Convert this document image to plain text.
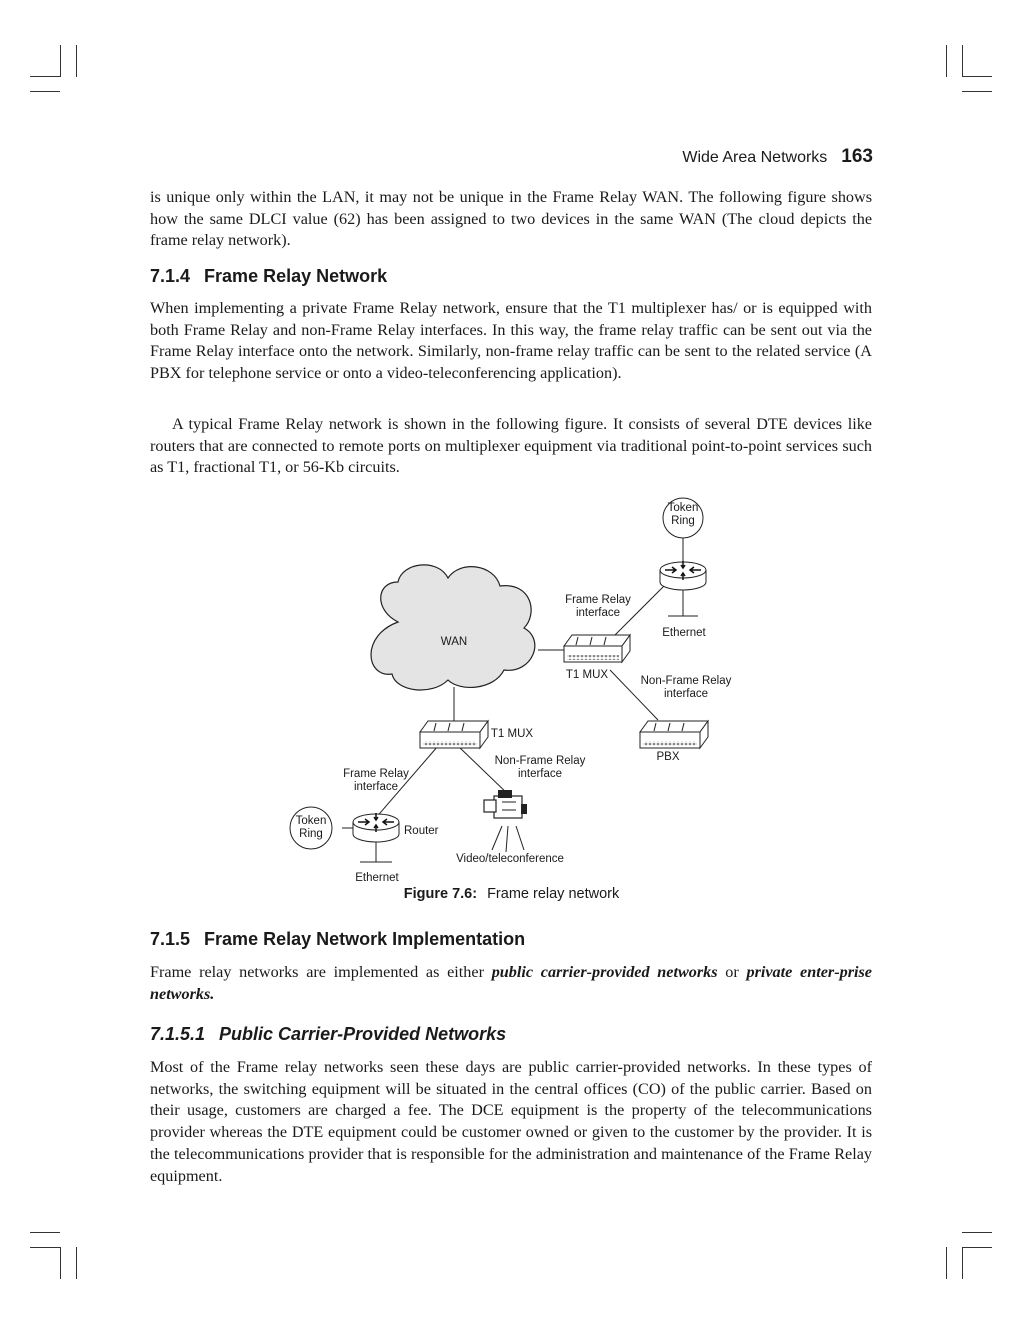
Wide Area Networks 163

is unique only within the LAN, it may not be unique in the Frame Relay WAN. The following figure shows how the same DLCI value (62) has been assigned to two devices in the same WAN (The cloud depicts the frame relay network).

7.1.4 Frame Relay Network

When implementing a private Frame Relay network, ensure that the T1 multiplexer has/ or is equipped with both Frame Relay and non-Frame Relay interfaces. In this way, the frame relay traffic can be sent out via the Frame Relay interface onto the network. Similarly, non-frame relay traffic can be sent to the related service (A PBX for telephone service or onto a video-teleconferencing application).

A typical Frame Relay network is shown in the following figure. It consists of several DTE devices like routers that are connected to remote ports on multiplexer equipment via traditional point-to-point services such as T1, fractional T1, or 56-Kb circuits.

Token
Ring
Frame Relay
interface
Ethernet
WAN
T1 MUX	Non-Frame Relay
interface
PBX
T1 MUX
Frame Relay
interface
Non-Frame Relay
interface
Token
Ring	Router
Video/teleconference
Ethernet
Figure 7.6: Frame relay network
7.1.5 Frame Relay Network Implementation

Frame relay networks are implemented as either public carrier-provided networks or private enter-prise networks.

7.1.5.1 Public Carrier-Provided Networks

Most of the Frame relay networks seen these days are public carrier-provided networks. In these types of networks, the switching equipment will be situated in the central offices (CO) of the public carrier. Based on their usage, customers are charged a fee. The DCE equipment is the property of the telecommunications provider whereas the DTE equipment could be customer owned or given to the customer by the provider. It is the telecommunications provider that is responsible for the administration and maintenance of the Frame Relay equipment.
